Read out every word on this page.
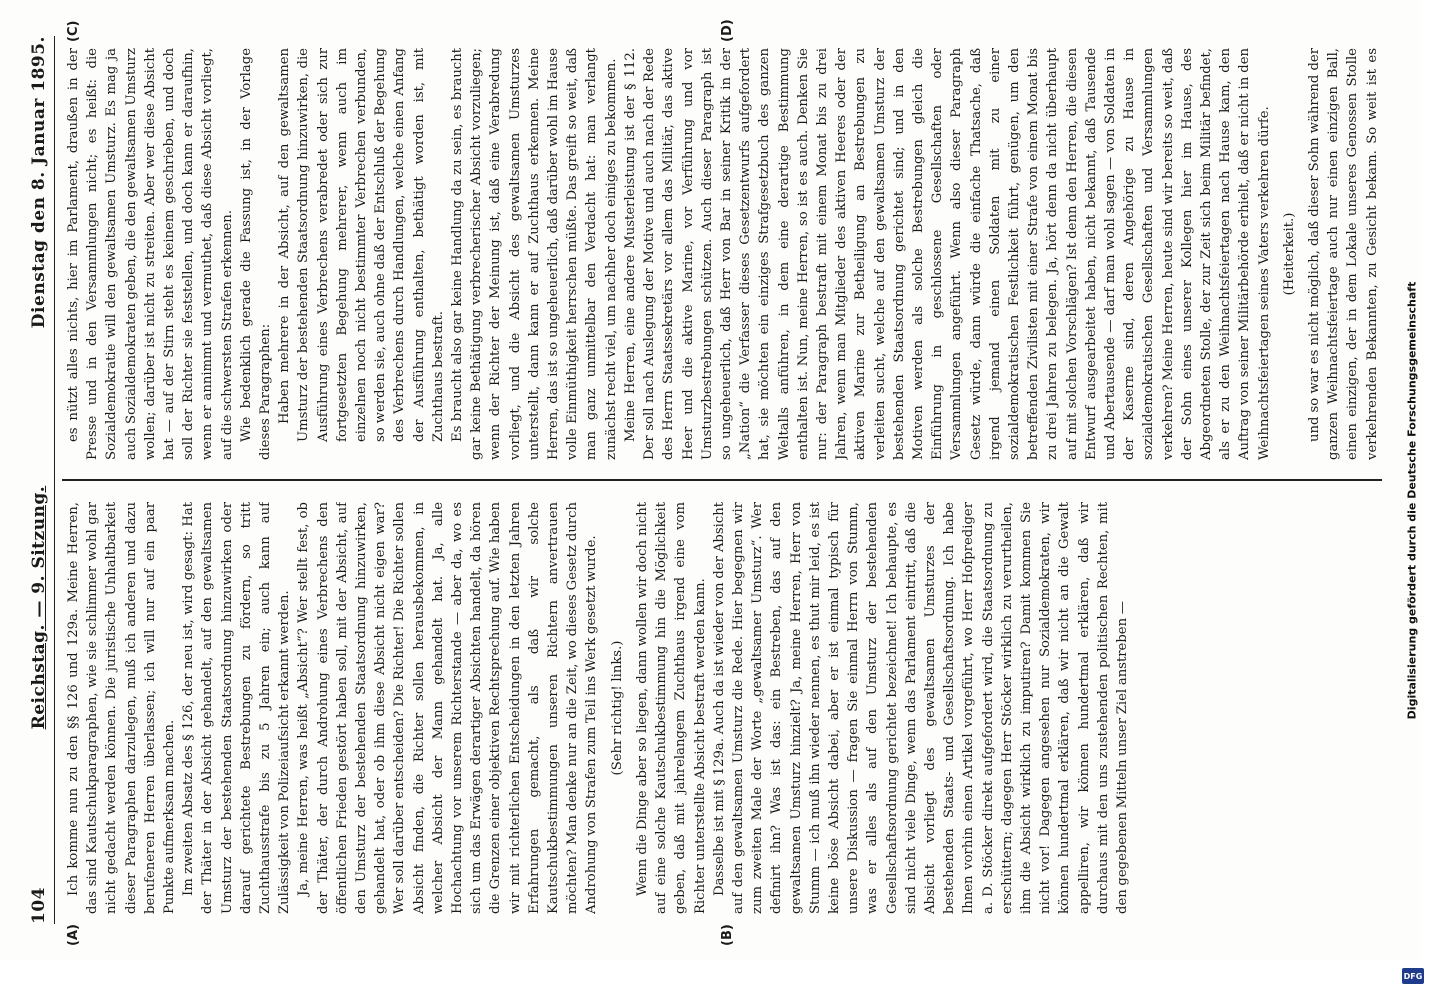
104
Reichstag. — 9. Sitzung.
Dienstag den 8. Januar 1895.
(A)	(B)
(C)	(D)

Ich komme nun zu den §§ 126 und 129a. Meine Herren, das sind Kautschukparagraphen, wie sie schlimmer wohl gar nicht gedacht werden können. Die juristische Unhaltbarkeit dieser Paragraphen darzulegen, muß ich anderen und dazu berufeneren Herren überlassen; ich will nur auf ein paar Punkte aufmerksam machen. Im zweiten Absatz des § 126, der neu ist, wird gesagt: Hat der Thäter in der Absicht gehandelt, auf den gewaltsamen Umsturz der bestehenden Staatsordnung hinzuwirken oder darauf gerichtete Bestrebungen zu fördern, so tritt Zuchthausstrafe bis zu 5 Jahren ein; auch kann auf Zulässigkeit von Polizeiaufsicht erkannt werden. Ja, meine Herren, was heißt „Absicht“? Wer stellt fest, ob der Thäter, der durch Androhung eines Verbrechens den öffentlichen Frieden gestört haben soll, mit der Absicht, auf den Umsturz der bestehenden Staatsordnung hinzuwirken, gehandelt hat, oder ob ihm diese Absicht nicht eigen war? Wer soll darüber entscheiden? Die Richter! Die Richter sollen Absicht finden, die Richter sollen herausbekommen, in welcher Absicht der Mann gehandelt hat. Ja, alle Hochachtung vor unserem Richterstande — aber da, wo es sich um das Erwägen derartiger Absichten handelt, da hören die Grenzen einer objektiven Rechtsprechung auf. Wie haben wir mit richterlichen Entscheidungen in den letzten Jahren Erfahrungen gemacht, als daß wir solche Kautschukbestimmungen unseren Richtern anvertrauen möchten? Man denke nur an die Zeit, wo dieses Gesetz durch Androhung von Strafen zum Teil ins Werk gesetzt wurde. (Sehr richtig! links.) Wenn die Dinge aber so liegen, dann wollen wir doch nicht auf eine solche Kautschukbestimmung hin die Möglichkeit geben, daß mit jahrelangem Zuchthaus irgend eine vom Richter unterstellte Absicht bestraft werden kann. Dasselbe ist mit § 129a. Auch da ist wieder von der Absicht auf den gewaltsamen Umsturz die Rede. Hier begegnen wir zum zweiten Male der Worte „gewaltsamer Umsturz“. Wer definirt ihn? Was ist das: ein Bestreben, das auf den gewaltsamen Umsturz hinzielt? Ja, meine Herren, Herr von Stumm — ich muß ihn wieder nennen, es thut mir leid, es ist keine böse Absicht dabei, aber er ist einmal typisch für unsere Diskussion — fragen Sie einmal Herrn von Stumm, was er alles als auf den Umsturz der bestehenden Gesellschaftsordnung gerichtet bezeichnet! Ich behaupte, es sind nicht viele Dinge, wenn das Parlament eintritt, daß die Absicht vorliegt des gewaltsamen Umsturzes der bestehenden Staats- und Gesellschaftsordnung. Ich habe Ihnen vorhin einen Artikel vorgeführt, wo Herr Hofprediger a. D. Stöcker direkt aufgefordert wird, die Staatsordnung zu erschüttern; dagegen Herr Stöcker wirklich zu verurtheilen, ihm die Absicht wirklich zu imputiren? Damit kommen Sie nicht vor! Dagegen angesehen nur Sozialdemokraten, wir können hundertmal erklären, daß wir nicht an die Gewalt appelliren, wir können hundertmal erklären, daß wir durchaus mit den uns zustehenden politischen Rechten, mit den gegebenen Mitteln unser Ziel anstreben —

es nützt alles nichts, hier im Parlament, draußen in der Presse und in den Versammlungen nicht; es heißt: die Sozialdemokratie will den gewaltsamen Umsturz. Es mag ja auch Sozialdemokraten geben, die den gewaltsamen Umsturz wollen; darüber ist nicht zu streiten. Aber wer diese Absicht hat — auf der Stirn steht es keinem geschrieben, und doch soll der Richter sie feststellen, und doch kann er daraufhin, wenn er annimmt und vermuthet, daß diese Absicht vorliegt, auf die schwersten Strafen erkennen. Wie bedenklich gerade die Fassung ist, in der Vorlage dieses Paragraphen: Haben mehrere in der Absicht, auf den gewaltsamen Umsturz der bestehenden Staatsordnung hinzuwirken, die Ausführung eines Verbrechens verabredet oder sich zur fortgesetzten Begehung mehrerer, wenn auch im einzelnen noch nicht bestimmter Verbrechen verbunden, so werden sie, auch ohne daß der Entschluß der Begehung des Verbrechens durch Handlungen, welche einen Anfang der Ausführung enthalten, bethätigt worden ist, mit Zuchthaus bestraft. Es braucht also gar keine Handlung da zu sein, es braucht gar keine Bethätigung verbrecherischer Absicht vorzuliegen; wenn der Richter der Meinung ist, daß eine Verabredung vorliegt, und die Absicht des gewaltsamen Umsturzes unterstellt, dann kann er auf Zuchthaus erkennen. Meine Herren, das ist so ungeheuerlich, daß darüber wohl im Hause volle Einmüthigkeit herrschen müßte. Das greift so weit, daß man ganz unmittelbar den Verdacht hat: man verlangt zunächst recht viel, um nachher doch einiges zu bekommen. Meine Herren, eine andere Musterleistung ist der § 112. Der soll nach Auslegung der Motive und auch nach der Rede des Herrn Staatssekretärs vor allem das Militär, das aktive Heer und die aktive Marine, vor Verführung und vor Umsturzbestrebungen schützen. Auch dieser Paragraph ist so ungeheuerlich, daß Herr von Bar in seiner Kritik in der „Nation“ die Verfasser dieses Gesetzentwurfs aufgefordert hat, sie möchten ein einziges Strafgesetzbuch des ganzen Weltalls anführen, in dem eine derartige Bestimmung enthalten ist. Nun, meine Herren, so ist es auch. Denken Sie nur: der Paragraph bestraft mit einem Monat bis zu drei Jahren, wenn man Mitglieder des aktiven Heeres oder der aktiven Marine zur Betheiligung an Bestrebungen zu verleiten sucht, welche auf den gewaltsamen Umsturz der bestehenden Staatsordnung gerichtet sind; und in den Motiven werden als solche Bestrebungen gleich die Einführung in geschlossene Gesellschaften oder Versammlungen angeführt. Wenn also dieser Paragraph Gesetz würde, dann würde die einfache Thatsache, daß irgend jemand einen Soldaten mit zu einer sozialdemokratischen Festlichkeit führt, genügen, um den betreffenden Zivilisten mit einer Strafe von einem Monat bis zu drei Jahren zu belegen. Ja, hört denn da nicht überhaupt auf mit solchen Vorschlägen? Ist denn den Herren, die diesen Entwurf ausgearbeitet haben, nicht bekannt, daß Tausende und Abertausende — darf man wohl sagen — von Soldaten in der Kaserne sind, deren Angehörige zu Hause in sozialdemokratischen Gesellschaften und Versammlungen verkehren? Meine Herren, heute sind wir bereits so weit, daß der Sohn eines unserer Kollegen hier im Hause, des Abgeordneten Stolle, der zur Zeit sich beim Militär befindet, als er zu den Weihnachtsfeiertagen nach Hause kam, den Auftrag von seiner Militärbehörde erhielt, daß er nicht in den Weihnachtsfeiertagen seines Vaters verkehren dürfe. (Heiterkeit.)

und so war es nicht möglich, daß dieser Sohn während der ganzen Weihnachtsfeiertage auch nur einen einzigen Ball, einen einzigen, der in dem Lokale unseres Genossen Stolle verkehrenden Bekannten, zu Gesicht bekam. So weit ist es

Digitalisierung gefördert durch die Deutsche Forschungsgemeinschaft
DFG
